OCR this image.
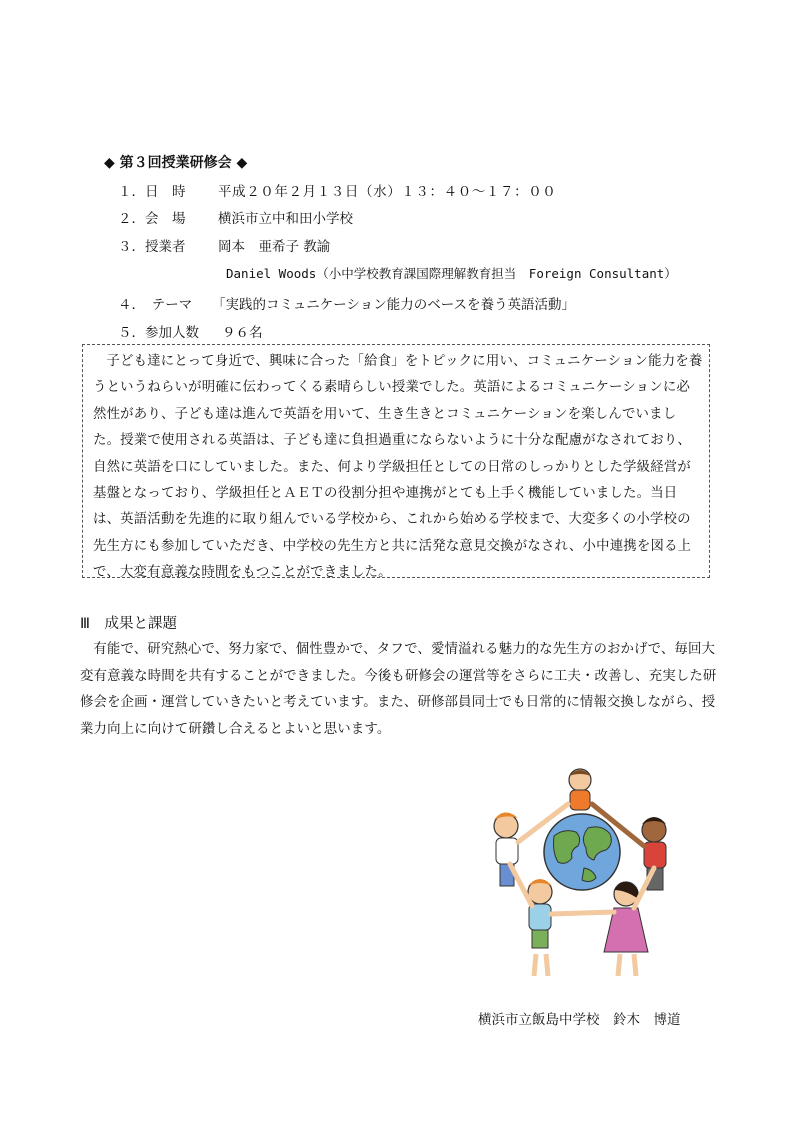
◆ 第３回授業研修会 ◆
１．日　時 平成２０年２月１３日（水）１３：４０～１７：００
２．会　場 横浜市立中和田小学校
３．授業者 岡本　亜希子 教諭
Daniel Woods（小中学校教育課国際理解教育担当　Foreign Consultant）
４．　テーマ 「実践的コミュニケーション能力のベースを養う英語活動」
５．参加人数 ９６名

子ども達にとって身近で、興味に合った「給食」をトピックに用い、コミュニケーション能力を養うというねらいが明確に伝わってくる素晴らしい授業でした。英語によるコミュニケーションに必然性があり、子ども達は進んで英語を用いて、生き生きとコミュニケーションを楽しんでいました。授業で使用される英語は、子ども達に負担過重にならないように十分な配慮がなされており、自然に英語を口にしていました。また、何より学級担任としての日常のしっかりとした学級経営が基盤となっており、学級担任とＡＥＴの役割分担や連携がとても上手く機能していました。当日は、英語活動を先進的に取り組んでいる学校から、これから始める学校まで、大変多くの小学校の先生方にも参加していただき、中学校の先生方と共に活発な意見交換がなされ、小中連携を図る上で、大変有意義な時間をもつことができました。

Ⅲ　成果と課題

有能で、研究熱心で、努力家で、個性豊かで、タフで、愛情溢れる魅力的な先生方のおかげで、毎回大変有意義な時間を共有することができました。今後も研修会の運営等をさらに工夫・改善し、充実した研修会を企画・運営していきたいと考えています。また、研修部員同士でも日常的に情報交換しながら、授業力向上に向けて研鑽し合えるとよいと思います。

横浜市立飯島中学校　鈴木　博道
